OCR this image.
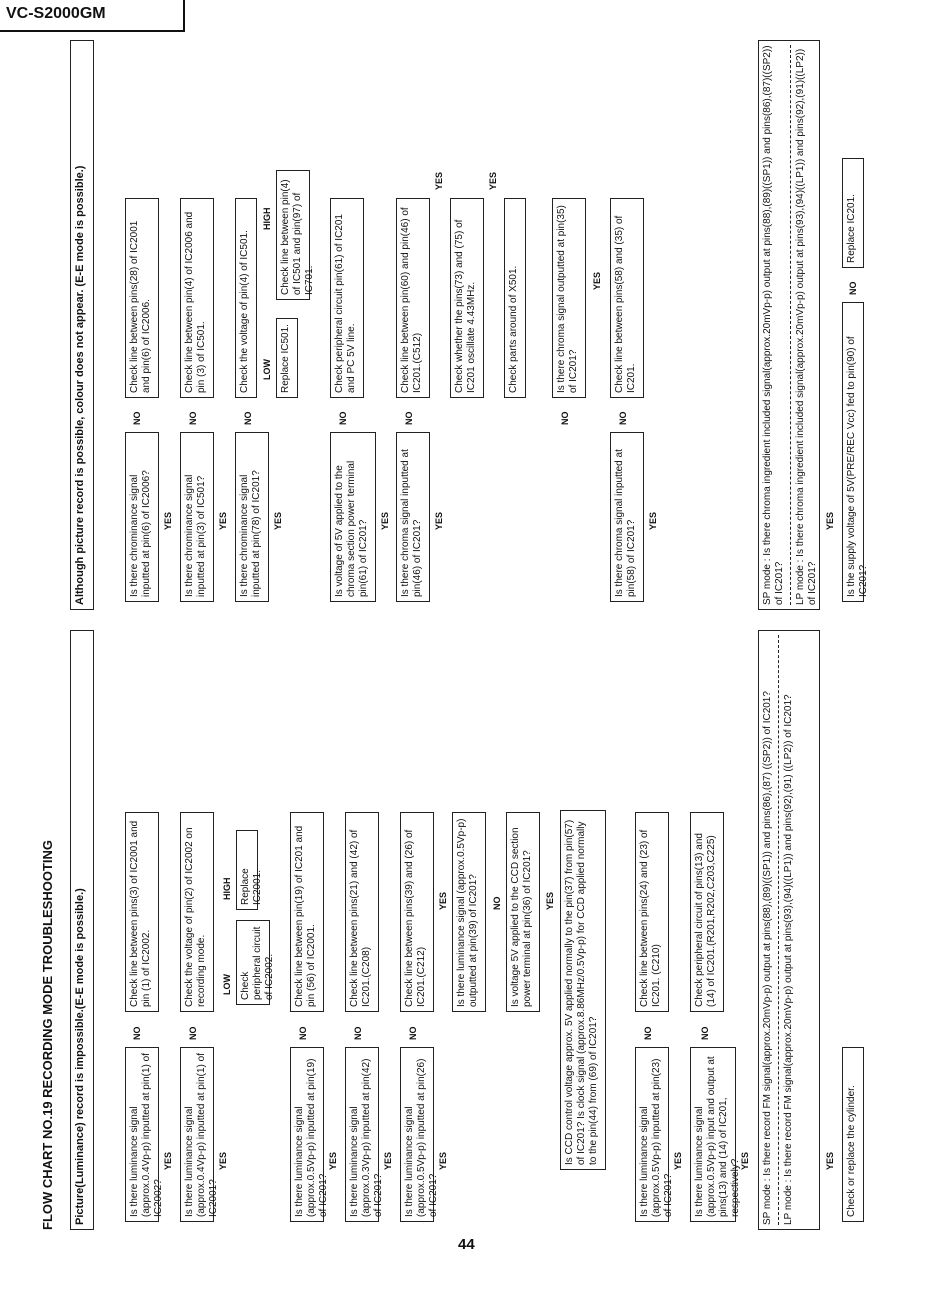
VC-S2000GM
44
FLOW CHART NO.19 RECORDING MODE TROUBLESHOOTING	Picture(Luminance) record is impossible.(E-E mode is possible.)	Is there luminance signal (approx.0.4Vp-p) inputted at pin(1) of IC2002?
NO
Check line between pins(3) of IC2001 and pin (1) of IC2002.
YES	Is there luminance signal (approx.0.4Vp-p) inputted at pin(1) of IC2001?
NO
Check the voltage of pin(2) of IC2002 on recording mode.
YES
LOW
HIGH
Check peripheral circuit of IC2002.
Replace IC2001.
Is there luminance signal (approx.0.5Vp-p) inputted at pin(19) of IC201?
NO
Check line between pin(19) of IC201 and pin (56) of IC2001.
YES	Is there luminance signal (approx.0.3Vp-p) inputted at pin(42) of IC201?
NO
Check line between pins(21) and (42) of IC201.(C208)
YES	Is there luminance signal (approx.0.5Vp-p) inputted at pin(26) of IC201?
NO
Check line between pins(39) and (26) of IC201.(C212)
YES
YES Is there luminance signal (approx.0.5Vp-p) outputted at pin(39) of IC201?	NO Is voltage 5V applied to the CCD section power terminal at pin(36) of IC201?	YES Is CCD control voltage approx. 5V applied normally to the pin(37) from pin(57) of IC201? Is clock signal (approx.8.86MHz/0.5Vp-p) for CCD applied normally to the pin(44) from (69) of IC201?	Is there luminance signal (approx.0.5Vp-p) inputted at pin(23) of IC201?
NO
Check line between pins(24) and (23) of IC201. (C210)
YES	Is there luminance signal (approx.0.5Vp-p) input and output at pins(13) and (14) of IC201, respectively?
NO
Check peripheral circuit of pins(13) and (14) of IC201.(R201,R202,C203,C225)
YES SP mode : Is there record FM signal(approx.20mVp-p) output at pins(88),(89)((SP1)) and pins(86),(87) ((SP2)) of IC201? LP mode : Is there record FM signal(approx.20mVp-p) output at pins(93),(94)((LP1)) and pins(92),(91) ((LP2)) of IC201?	YES	Check or replace the cylinder.
Although picture record is possible, colour does not appear. (E-E mode is possible.)	Is there chrominance signal inputted at pin(6) of IC2006?
NO
Check line between pins(28) of IC2001 and pin(6) of IC2006.
YES	Is there chrominance signal inputted at pin(3) of IC501?
NO
Check line between pin(4) of IC2006 and pin (3) of IC501.
YES	Is there chrominance signal inputted at pin(78) of IC201?
NO
Check the voltage of pin(4) of IC501.	LOW
HIGH
Replace IC501.
Check line between pin(4) of IC501 and pin(97) of IC701.
YES	Is voltage of 5V applied to the chroma section power terminal pin(61) of IC201?
NO
Check peripheral circuit pin(61) of IC201 and PC 5V line.
YES	Is there chroma signal inputted at pin(46) of IC201?
NO
Check line between pin(60) and pin(46) of IC201.(C512)
YES
YES
Check whether the pins(73) and (75) of IC201 oscillate 4.43MHz.
YES
Check parts around of X501.
NO
Is there chroma signal outputted at pin(35) of IC201?
YES
Is there chroma signal inputted at pin(58) of IC201?
NO
Check line between pins(58) and (35) of IC201.
YES	SP mode : Is there chroma ingredient included signal(approx.20mVp-p) output at pins(88),(89)((SP1)) and pins(86),(87)((SP2)) of IC201? LP mode : Is there chroma ingredient included signal(approx.20mVp-p) output at pins(93),(94)((LP1)) and pins(92),(91)((LP2)) of IC201?
YES	Is the supply voltage of 5V(PRE/REC Vcc) fed to pin(90) of IC201?
NO
Replace IC201.
